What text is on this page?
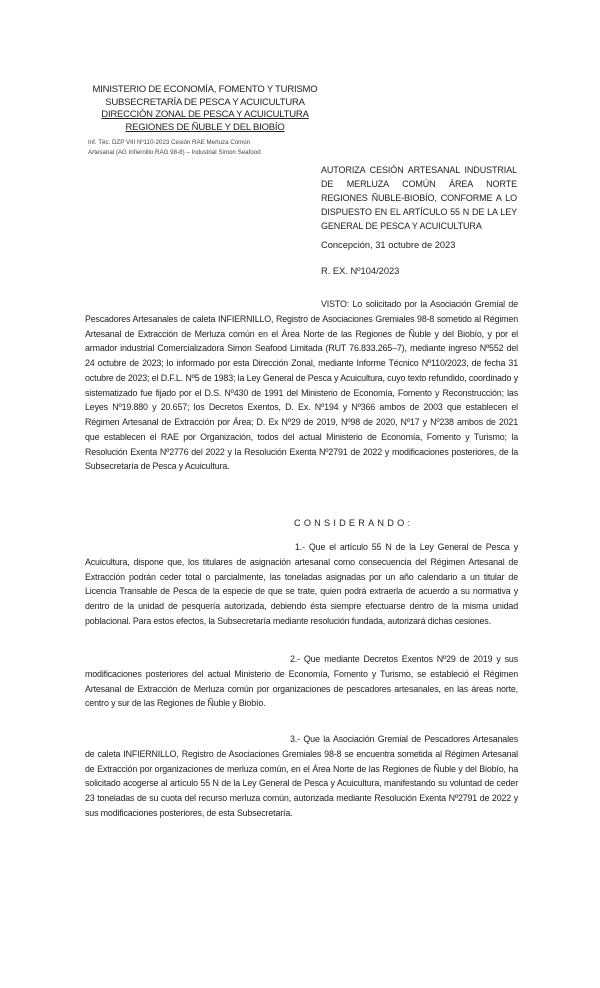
MINISTERIO DE ECONOMÍA, FOMENTO Y TURISMO
SUBSECRETARÍA DE PESCA Y ACUICULTURA
DIRECCIÓN ZONAL DE PESCA Y ACUICULTURA
REGIONES DE ÑUBLE Y DEL BIOBÍO
Inf. Téc. DZP VIII Nº110-2023 Cesión RAE Merluza Común
Artesanal (AG Infiernillo RAG 98-8) – Industrial Simon Seafood
AUTORIZA CESIÓN ARTESANAL INDUSTRIAL DE MERLUZA COMÚN ÁREA NORTE REGIONES ÑUBLE-BIOBÍO, CONFORME A LO DISPUESTO EN EL ARTÍCULO 55 N DE LA LEY GENERAL DE PESCA Y ACUICULTURA
Concepción, 31 octubre de 2023
R. EX. Nº104/2023
VISTO: Lo solicitado por la Asociación Gremial de Pescadores Artesanales de caleta INFIERNILLO, Registro de Asociaciones Gremiales 98-8 sometido al Régimen Artesanal de Extracción de Merluza común en el Área Norte de las Regiones de Ñuble y del Biobío, y por el armador industrial Comercializadora Simon Seafood Limitada (RUT 76.833.265–7), mediante ingreso Nº552 del 24 octubre de 2023; lo informado por esta Dirección Zonal, mediante Informe Técnico Nº110/2023, de fecha 31 octubre de 2023; el D.F.L. Nº5 de 1983; la Ley General de Pesca y Acuicultura, cuyo texto refundido, coordinado y sistematizado fue fijado por el D.S. Nº430 de 1991 del Ministerio de Economía, Fomento y Reconstrucción; las Leyes Nº19.880 y 20.657; los Decretos Exentos, D. Ex. Nº194 y Nº366 ambos de 2003 que establecen el Régimen Artesanal de Extracción por Área; D. Ex Nº29 de 2019, Nº98 de 2020, Nº17 y Nº238 ambos de 2021 que establecen el RAE por Organización, todos del actual Ministerio de Economía, Fomento y Turismo; la Resolución Exenta Nº2776 del 2022 y la Resolución Exenta Nº2791 de 2022 y modificaciones posteriores, de la Subsecretaría de Pesca y Acuicultura.
CONSIDERANDO:
1.- Que el artículo 55 N de la Ley General de Pesca y Acuicultura, dispone que, los titulares de asignación artesanal como consecuencia del Régimen Artesanal de Extracción podrán ceder total o parcialmente, las toneladas asignadas por un año calendario a un titular de Licencia Transable de Pesca de la especie de que se trate, quien podrá extraerla de acuerdo a su normativa y dentro de la unidad de pesquería autorizada, debiendo ésta siempre efectuarse dentro de la misma unidad poblacional. Para estos efectos, la Subsecretaría mediante resolución fundada, autorizará dichas cesiones.
2.- Que mediante Decretos Exentos Nº29 de 2019 y sus modificaciones posteriores del actual Ministerio de Economía, Fomento y Turismo, se estableció el Régimen Artesanal de Extracción de Merluza común por organizaciones de pescadores artesanales, en las áreas norte, centro y sur de las Regiones de Ñuble y Biobío.
3.- Que la Asociación Gremial de Pescadores Artesanales de caleta INFIERNILLO, Registro de Asociaciones Gremiales 98-8 se encuentra sometida al Régimen Artesanal de Extracción por organizaciones de merluza común, en el Área Norte de las Regiones de Ñuble y del Biobío, ha solicitado acogerse al artículo 55 N de la Ley General de Pesca y Acuicultura, manifestando su voluntad de ceder 23 toneladas de su cuota del recurso merluza común, autorizada mediante Resolución Exenta Nº2791 de 2022 y sus modificaciones posteriores, de esta Subsecretaría.
